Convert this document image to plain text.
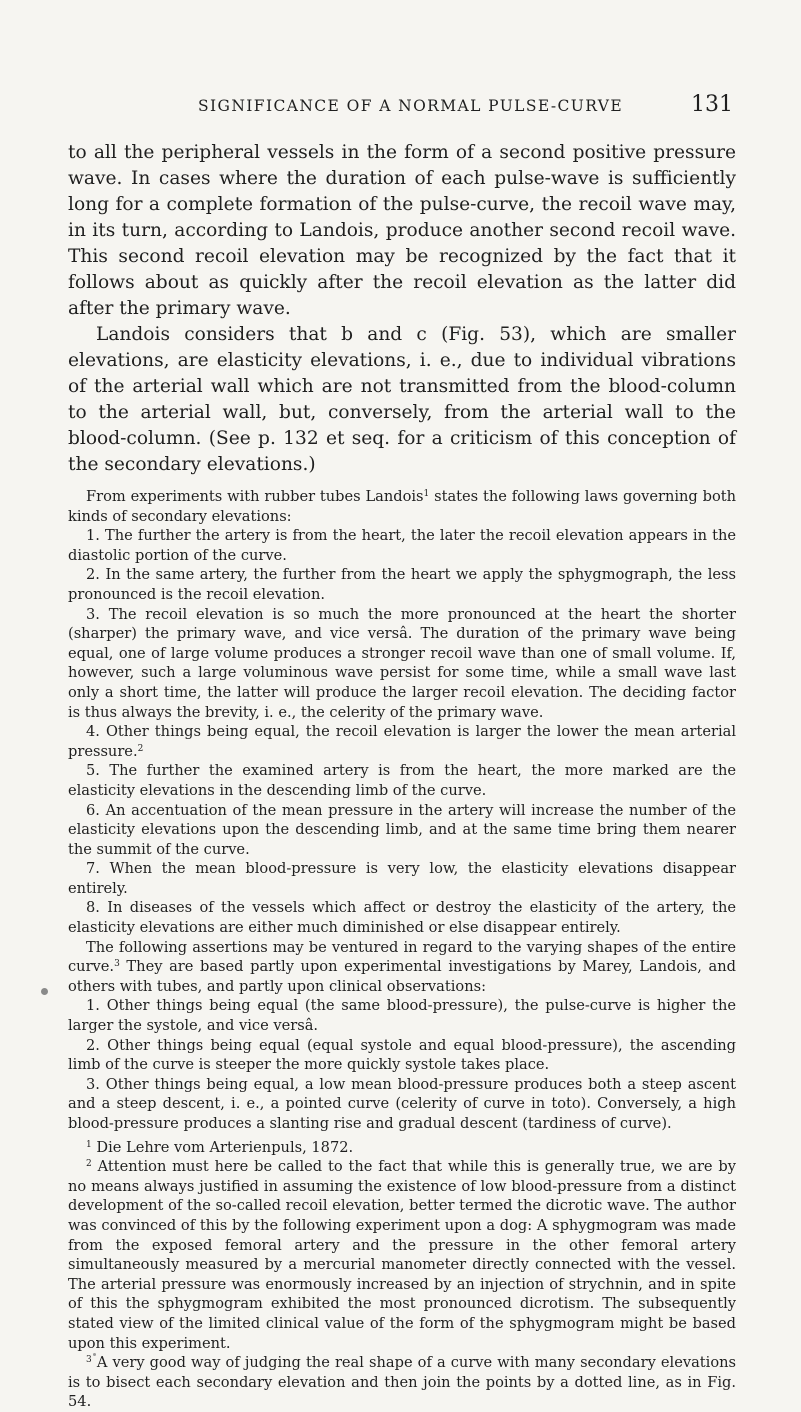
SIGNIFICANCE OF A NORMAL PULSE-CURVE	131

to all the peripheral vessels in the form of a second positive pressure wave. In cases where the duration of each pulse-wave is sufficiently long for a complete formation of the pulse-curve, the recoil wave may, in its turn, according to Landois, produce another second recoil wave. This second recoil elevation may be recognized by the fact that it follows about as quickly after the recoil elevation as the latter did after the primary wave.

Landois considers that b and c (Fig. 53), which are smaller elevations, are elasticity elevations, i. e., due to individual vibrations of the arterial wall which are not transmitted from the blood-column to the arterial wall, but, conversely, from the arterial wall to the blood-column. (See p. 132 et seq. for a criticism of this conception of the secondary elevations.)

From experiments with rubber tubes Landois$^1$ states the following laws governing both kinds of secondary elevations:

1. The further the artery is from the heart, the later the recoil elevation appears in the diastolic portion of the curve.

2. In the same artery, the further from the heart we apply the sphygmograph, the less pronounced is the recoil elevation.

3. The recoil elevation is so much the more pronounced at the heart the shorter (sharper) the primary wave, and vice versâ. The duration of the primary wave being equal, one of large volume produces a stronger recoil wave than one of small volume. If, however, such a large voluminous wave persist for some time, while a small wave last only a short time, the latter will produce the larger recoil elevation. The deciding factor is thus always the brevity, i. e., the celerity of the primary wave.

4. Other things being equal, the recoil elevation is larger the lower the mean arterial pressure.$^2$

5. The further the examined artery is from the heart, the more marked are the elasticity elevations in the descending limb of the curve.

6. An accentuation of the mean pressure in the artery will increase the number of the elasticity elevations upon the descending limb, and at the same time bring them nearer the summit of the curve.

7. When the mean blood-pressure is very low, the elasticity elevations disappear entirely.

8. In diseases of the vessels which affect or destroy the elasticity of the artery, the elasticity elevations are either much diminished or else disappear entirely.

The following assertions may be ventured in regard to the varying shapes of the entire curve.$^3$ They are based partly upon experimental investigations by Marey, Landois, and others with tubes, and partly upon clinical observations:

1. Other things being equal (the same blood-pressure), the pulse-curve is higher the larger the systole, and vice versâ.

2. Other things being equal (equal systole and equal blood-pressure), the ascending limb of the curve is steeper the more quickly systole takes place.

3. Other things being equal, a low mean blood-pressure produces both a steep ascent and a steep descent, i. e., a pointed curve (celerity of curve in toto). Conversely, a high blood-pressure produces a slanting rise and gradual descent (tardiness of curve).

$^1$ Die Lehre vom Arterienpuls, 1872.

$^2$ Attention must here be called to the fact that while this is generally true, we are by no means always justified in assuming the existence of low blood-pressure from a distinct development of the so-called recoil elevation, better termed the dicrotic wave. The author was convinced of this by the following experiment upon a dog: A sphygmogram was made from the exposed femoral artery and the pressure in the other femoral artery simultaneously measured by a mercurial manometer directly connected with the vessel. The arterial pressure was enormously increased by an injection of strychnin, and in spite of this the sphygmogram exhibited the most pronounced dicrotism. The subsequently stated view of the limited clinical value of the form of the sphygmogram might be based upon this experiment.

$^3$ A very good way of judging the real shape of a curve with many secondary elevations is to bisect each secondary elevation and then join the points by a dotted line, as in Fig. 54.
